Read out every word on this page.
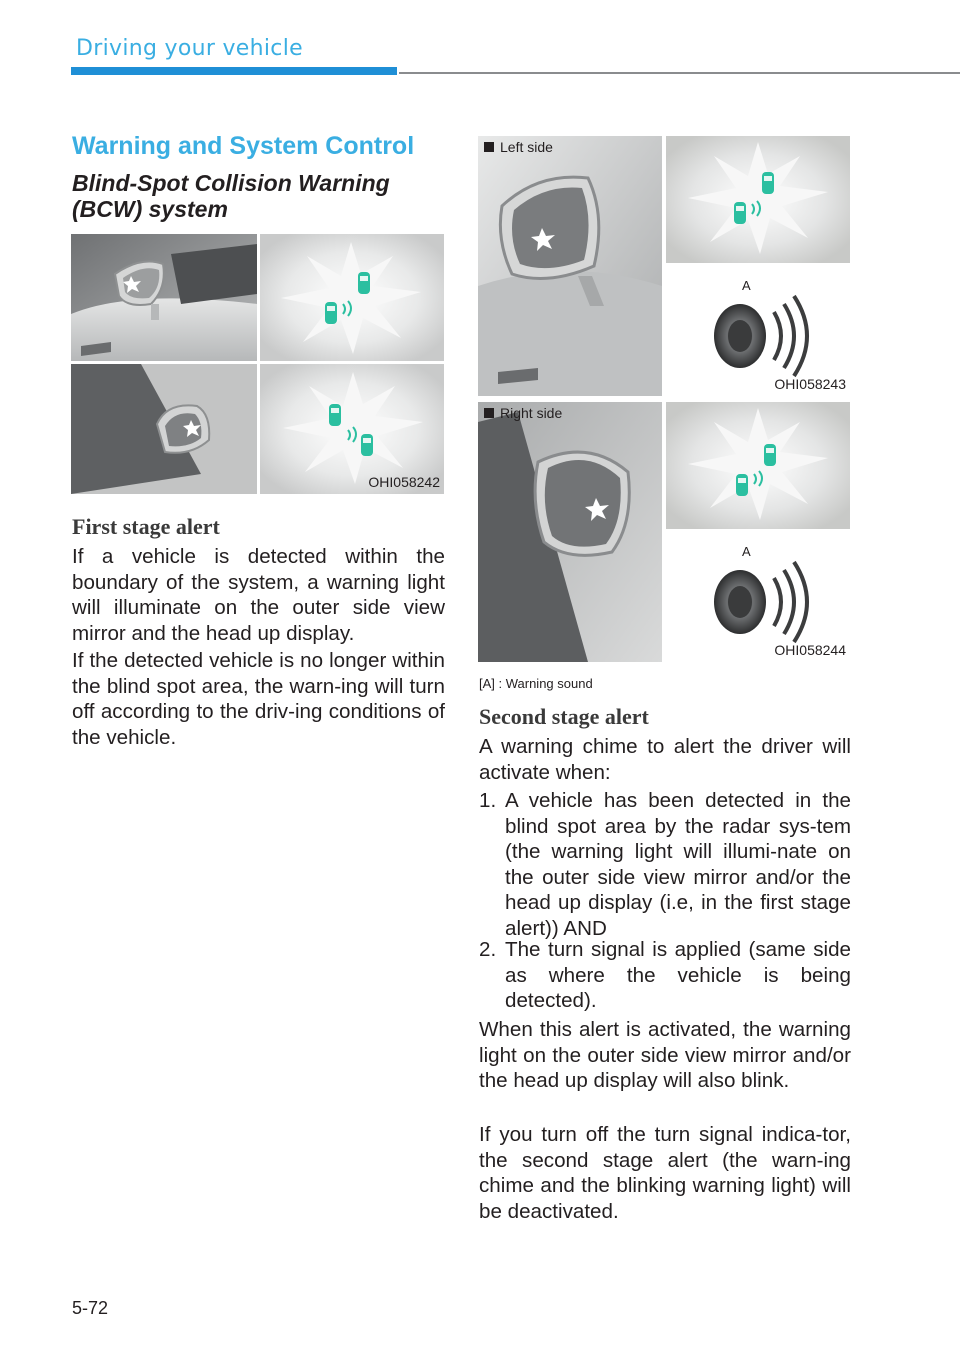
Driving your vehicle
Warning and System Control
Blind-Spot Collision Warning (BCW) system
OHI058242
A
Left side
OHI058243
A
Right side
OHI058244
[A] : Warning sound
First stage alert
If a vehicle is detected within the boundary of the system, a warning light will illuminate on the outer side view mirror and the head up display.
If the detected vehicle is no longer within the blind spot area, the warn-ing will turn off according to the driv-ing conditions of the vehicle.
Second stage alert
A warning chime to alert the driver will activate when:
1. A vehicle has been detected in the blind spot area by the radar sys-tem (the warning light will illumi-nate on the outer side view mirror and/or the head up display (i.e, in the first stage alert)) AND
2. The turn signal is applied (same side as where the vehicle is being detected).
When this alert is activated, the warning light on the outer side view mirror and/or the head up display will also blink.
If you turn off the turn signal indica-tor, the second stage alert (the warn-ing chime and the blinking warning light) will be deactivated.
5-72
